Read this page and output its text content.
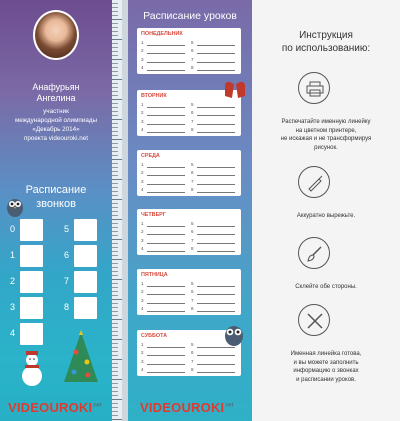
Анафурьян
Ангелина
участник
международной олимпиады
«Декабрь 2014»
проекта videouroki.net
Расписание
звонков
0
1
2
3
4
5
6
7
8
$VIDEOUROKI^{.net}$
Расписание уроков
ПОНЕДЕЛЬНИК
1	5
2	6
3	7
4	8
ВТОРНИК
1	5
2	6
3	7
4	8
СРЕДА
1	5
2	6
3	7
4	8
ЧЕТВЕРГ
1	5
2	6
3	7
4	8
ПЯТНИЦА
1	5
2	6
3	7
4	8
СУББОТА
1	5
2	6
3	7
4	8
$VIDEOUROKI^{.net}$
Инструкция
по использованию:
Распечатайте именную линейку
на цветном принтере,
не искажая и не трансформируя
рисунок.
Аккуратно вырежьте.
Склейте обе стороны.
Именная линейка готова,
и вы можете заполнить
информацию о звонках
и расписании уроков.
